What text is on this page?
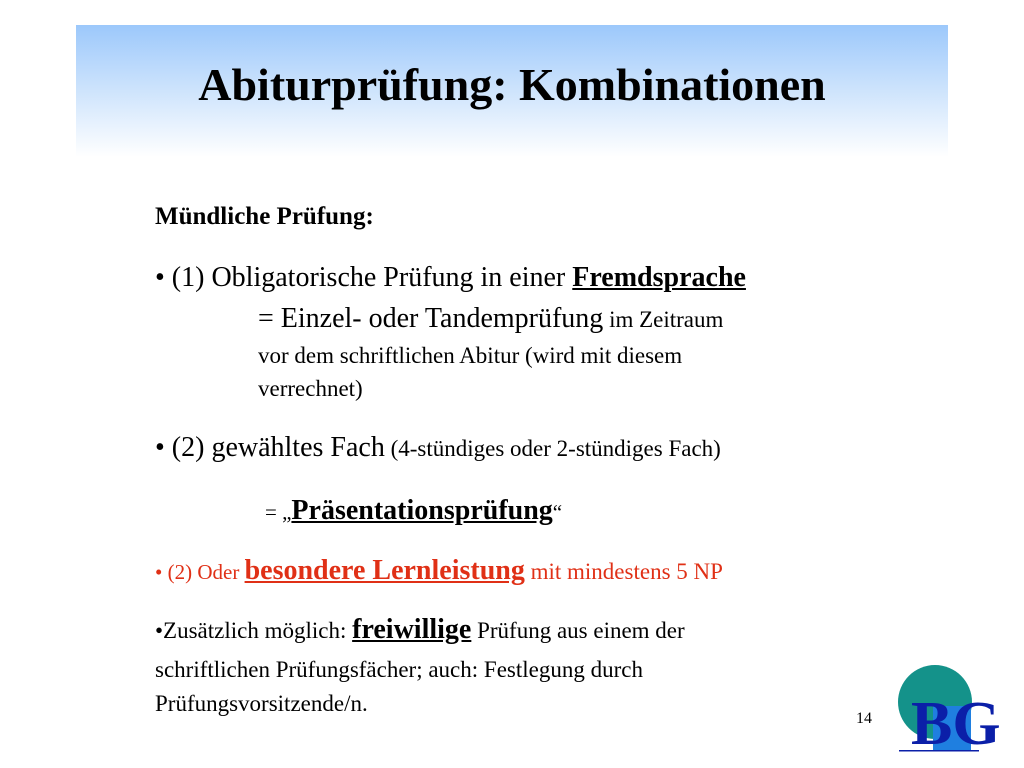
Abiturprüfung: Kombinationen
Mündliche Prüfung:
• (1) Obligatorische Prüfung in einer Fremdsprache
= Einzel- oder Tandemprüfung im Zeitraum
vor dem schriftlichen Abitur (wird mit diesem
verrechnet)
• (2) gewähltes Fach (4-stündiges oder 2-stündiges Fach)
= „Präsentationsprüfung“
• (2) Oder besondere Lernleistung mit mindestens 5 NP
•Zusätzlich möglich: freiwillige Prüfung aus einem der
schriftlichen Prüfungsfächer; auch: Festlegung durch
Prüfungsvorsitzende/n.
14 BG
